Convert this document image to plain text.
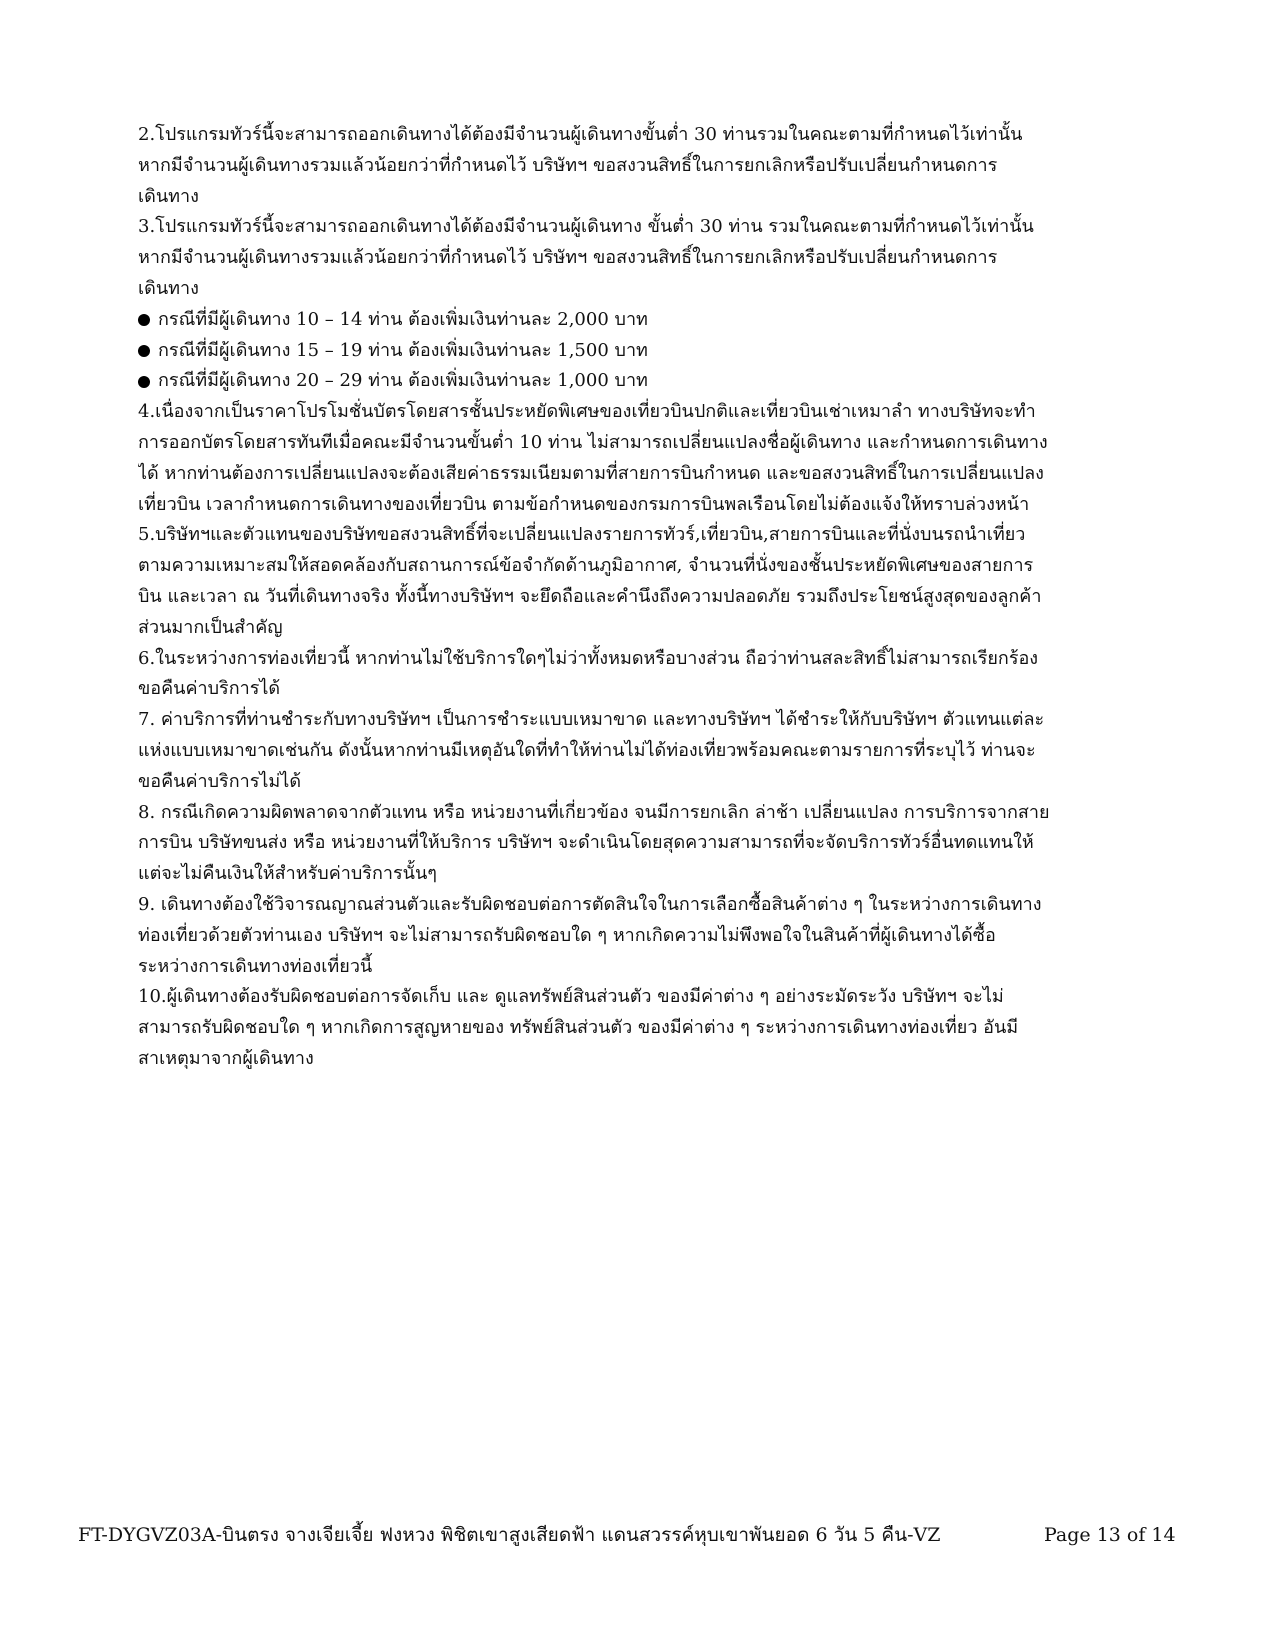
2.โปรแกรมทัวร์นี้จะสามารถออกเดินทางได้ต้องมีจำนวนผู้เดินทางขั้นต่ำ 30 ท่านรวมในคณะตามที่กำหนดไว้เท่านั้น
หากมีจำนวนผู้เดินทางรวมแล้วน้อยกว่าที่กำหนดไว้ บริษัทฯ ขอสงวนสิทธิ์ในการยกเลิกหรือปรับเปลี่ยนกำหนดการ
เดินทาง
3.โปรแกรมทัวร์นี้จะสามารถออกเดินทางได้ต้องมีจำนวนผู้เดินทาง ขั้นต่ำ 30 ท่าน รวมในคณะตามที่กำหนดไว้เท่านั้น
หากมีจำนวนผู้เดินทางรวมแล้วน้อยกว่าที่กำหนดไว้ บริษัทฯ ขอสงวนสิทธิ์ในการยกเลิกหรือปรับเปลี่ยนกำหนดการ
เดินทาง
กรณีที่มีผู้เดินทาง 10 – 14 ท่าน ต้องเพิ่มเงินท่านละ 2,000 บาท
กรณีที่มีผู้เดินทาง 15 – 19 ท่าน ต้องเพิ่มเงินท่านละ 1,500 บาท
กรณีที่มีผู้เดินทาง 20 – 29 ท่าน ต้องเพิ่มเงินท่านละ 1,000 บาท
4.เนื่องจากเป็นราคาโปรโมชั่นบัตรโดยสารชั้นประหยัดพิเศษของเที่ยวบินปกติและเที่ยวบินเช่าเหมาลำ ทางบริษัทจะทำ
การออกบัตรโดยสารทันทีเมื่อคณะมีจำนวนขั้นต่ำ 10 ท่าน ไม่สามารถเปลี่ยนแปลงชื่อผู้เดินทาง และกำหนดการเดินทาง
ได้ หากท่านต้องการเปลี่ยนแปลงจะต้องเสียค่าธรรมเนียมตามที่สายการบินกำหนด และขอสงวนสิทธิ์ในการเปลี่ยนแปลง
เที่ยวบิน เวลากำหนดการเดินทางของเที่ยวบิน ตามข้อกำหนดของกรมการบินพลเรือนโดยไม่ต้องแจ้งให้ทราบล่วงหน้า
5.บริษัทฯและตัวแทนของบริษัทขอสงวนสิทธิ์ที่จะเปลี่ยนแปลงรายการทัวร์,เที่ยวบิน,สายการบินและที่นั่งบนรถนำเที่ยว
ตามความเหมาะสมให้สอดคล้องกับสถานการณ์ข้อจำกัดด้านภูมิอากาศ, จำนวนที่นั่งของชั้นประหยัดพิเศษของสายการ
บิน และเวลา ณ วันที่เดินทางจริง ทั้งนี้ทางบริษัทฯ จะยึดถือและคำนึงถึงความปลอดภัย รวมถึงประโยชน์สูงสุดของลูกค้า
ส่วนมากเป็นสำคัญ
6.ในระหว่างการท่องเที่ยวนี้ หากท่านไม่ใช้บริการใดๆไม่ว่าทั้งหมดหรือบางส่วน ถือว่าท่านสละสิทธิ์ไม่สามารถเรียกร้อง
ขอคืนค่าบริการได้
7. ค่าบริการที่ท่านชำระกับทางบริษัทฯ เป็นการชำระแบบเหมาขาด และทางบริษัทฯ ได้ชำระให้กับบริษัทฯ ตัวแทนแต่ละ
แห่งแบบเหมาขาดเช่นกัน ดังนั้นหากท่านมีเหตุอันใดที่ทำให้ท่านไม่ได้ท่องเที่ยวพร้อมคณะตามรายการที่ระบุไว้ ท่านจะ
ขอคืนค่าบริการไม่ได้
8. กรณีเกิดความผิดพลาดจากตัวแทน หรือ หน่วยงานที่เกี่ยวข้อง จนมีการยกเลิก ล่าช้า เปลี่ยนแปลง การบริการจากสาย
การบิน บริษัทขนส่ง หรือ หน่วยงานที่ให้บริการ บริษัทฯ จะดำเนินโดยสุดความสามารถที่จะจัดบริการทัวร์อื่นทดแทนให้
แต่จะไม่คืนเงินให้สำหรับค่าบริการนั้นๆ
9. เดินทางต้องใช้วิจารณญาณส่วนตัวและรับผิดชอบต่อการตัดสินใจในการเลือกซื้อสินค้าต่าง ๆ ในระหว่างการเดินทาง
ท่องเที่ยวด้วยตัวท่านเอง บริษัทฯ จะไม่สามารถรับผิดชอบใด ๆ หากเกิดความไม่พึงพอใจในสินค้าที่ผู้เดินทางได้ซื้อ
ระหว่างการเดินทางท่องเที่ยวนี้
10.ผู้เดินทางต้องรับผิดชอบต่อการจัดเก็บ และ ดูแลทรัพย์สินส่วนตัว ของมีค่าต่าง ๆ อย่างระมัดระวัง บริษัทฯ จะไม่
สามารถรับผิดชอบใด ๆ หากเกิดการสูญหายของ ทรัพย์สินส่วนตัว ของมีค่าต่าง ๆ ระหว่างการเดินทางท่องเที่ยว อันมี
สาเหตุมาจากผู้เดินทาง
FT-DYGVZ03A-บินตรง จางเจียเจี้ย ฟงหวง พิชิตเขาสูงเสียดฟ้า แดนสวรรค์หุบเขาพันยอด 6 วัน 5 คืน-VZ	Page 13 of 14
